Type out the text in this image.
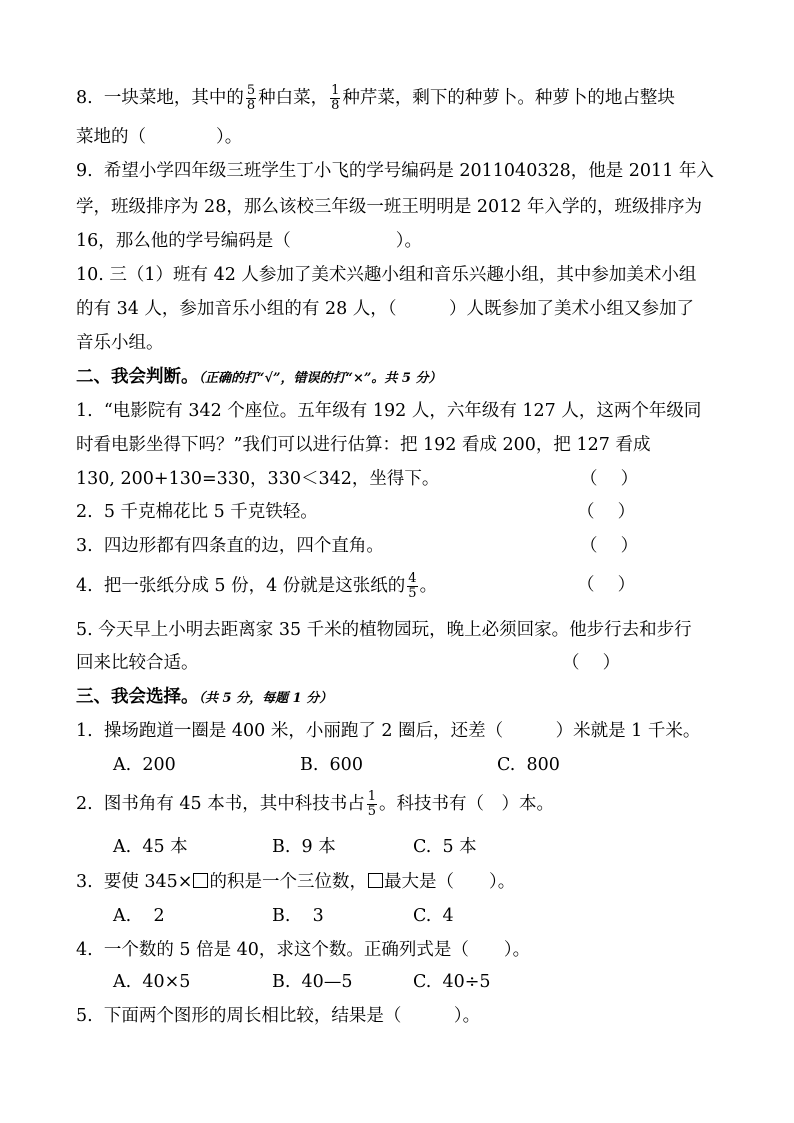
8. 一块菜地，其中的 $\frac{5}{8}$ 种白菜， $\frac{1}{8}$ 种芹菜，剩下的种萝卜。种萝卜的地占整块
菜地的（　　　　）。
9.  希望小学四年级三班学生丁小飞的学号编码是 2011040328，他是 2011 年入
学，班级排序为 28，那么该校三年级一班王明明是 2012 年入学的，班级排序为
16，那么他的学号编码是（　　　　　　）。
10. 三（1）班有 42 人参加了美术兴趣小组和音乐兴趣小组，其中参加美术小组
的有 34 人，参加音乐小组的有 28 人，（　　　）人既参加了美术小组又参加了
音乐小组。
二、我会判断。（正确的打“√”，错误的打“×”。共 5 分）
1.  “电影院有 342 个座位。五年级有 192 人，六年级有 127 人，这两个年级同
时看电影坐得下吗？”我们可以进行估算：把 192 看成 200，把 127 看成
130, 200+130=330，330＜342，坐得下。	（　 ）
2.  5 千克棉花比 5 千克铁轻。	（　 ）
3.  四边形都有四条直的边，四个直角。	（　 ）
4.  把一张纸分成 5 份，4 份就是这张纸的 $\frac{4}{5}$ 。	（　 ）
5. 今天早上小明去距离家 35 千米的植物园玩，晚上必须回家。他步行去和步行
回来比较合适。	（　 ）
三、我会选择。（共 5 分，每题 1 分）
1.  操场跑道一圈是 400 米，小丽跑了 2 圈后，还差（　　　）米就是 1 千米。
A.  200	B.  600	C.  800
2.  图书角有 45 本书，其中科技书占 $\frac{1}{5}$ 。科技书有（　）本。
A.  45 本	B.  9 本	C.  5 本
3.  要使 345× 的积是一个三位数， 最大是（　　）。
A.    2	B.    3	C.  4
4.  一个数的 5 倍是 40，求这个数。正确列式是（　　）。
A.  40×5	B.  40—5	C.  40÷5
5.  下面两个图形的周长相比较，结果是（　　　）。
